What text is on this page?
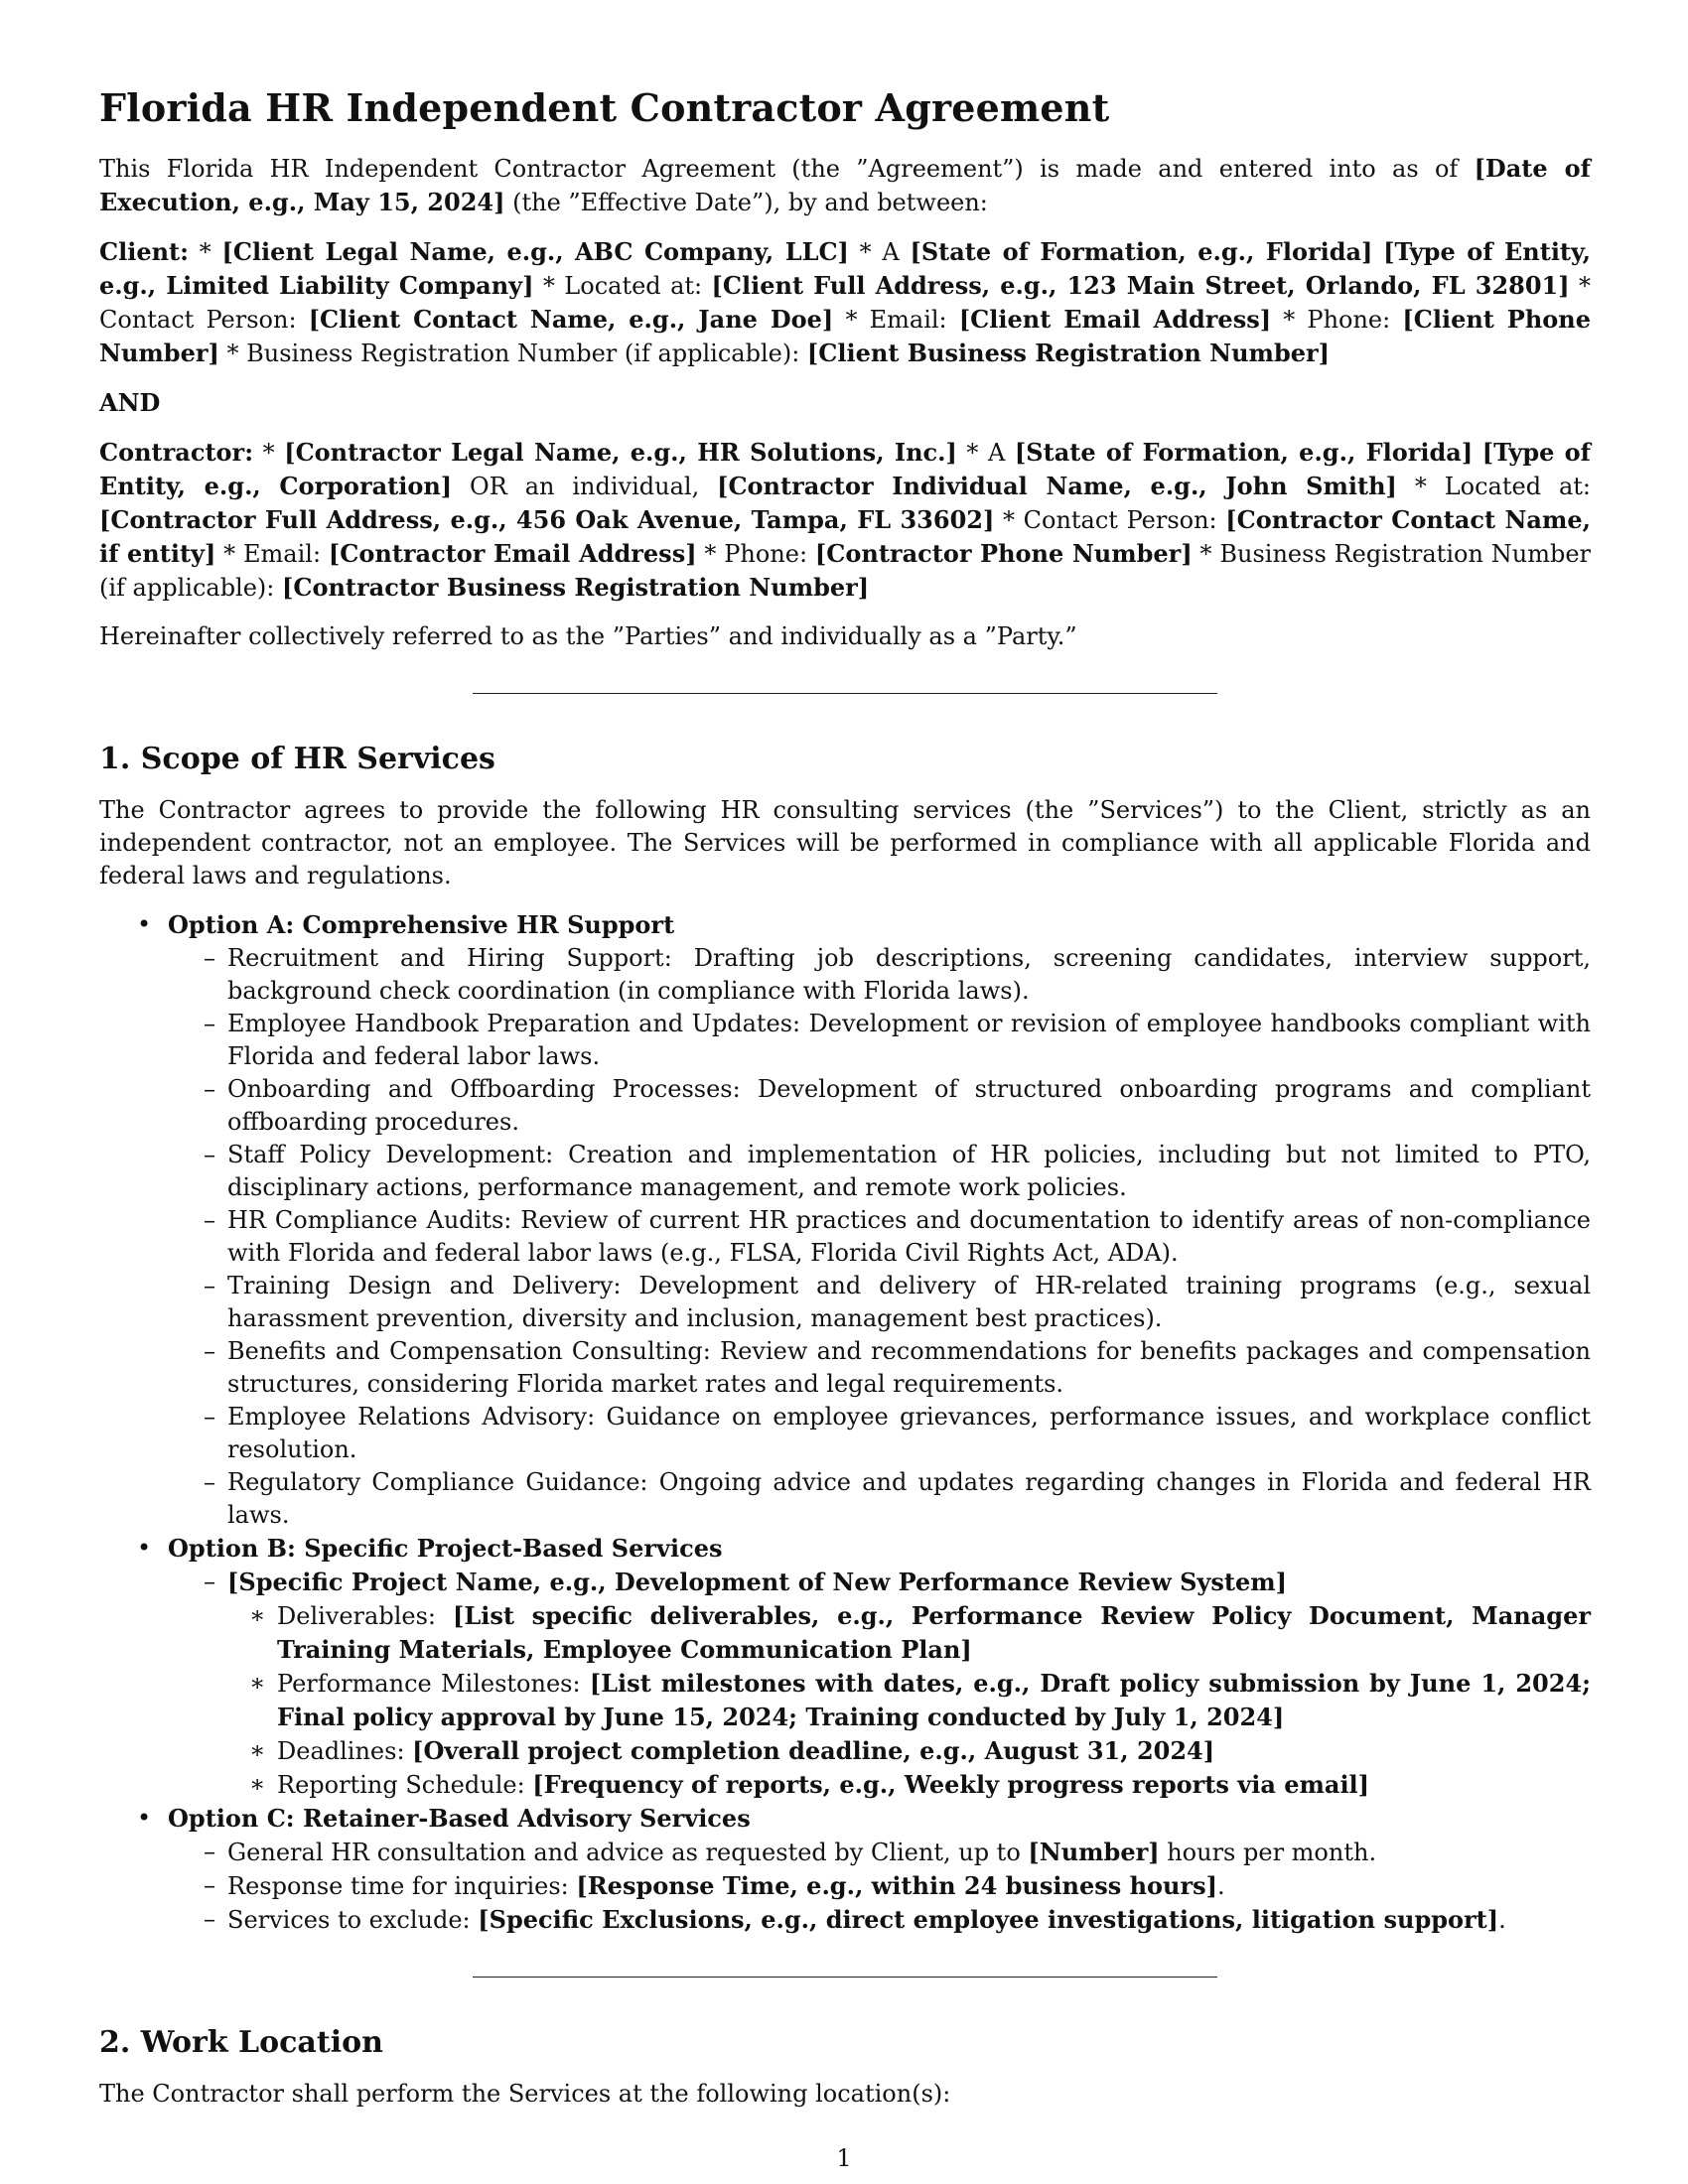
Florida HR Independent Contractor Agreement

This Florida HR Independent Contractor Agreement (the ”Agreement”) is made and entered into as of [Date of Execution, e.g., May 15, 2024] (the ”Effective Date”), by and between:

Client: * [Client Legal Name, e.g., ABC Company, LLC] * A [State of Formation, e.g., Florida] [Type of Entity, e.g., Limited Liability Company] * Located at: [Client Full Address, e.g., 123 Main Street, Orlando, FL 32801] * Contact Person: [Client Contact Name, e.g., Jane Doe] * Email: [Client Email Address] * Phone: [Client Phone Number] * Business Registration Number (if applicable): [Client Business Registration Number]

AND

Contractor: * [Contractor Legal Name, e.g., HR Solutions, Inc.] * A [State of Formation, e.g., Florida] [Type of Entity, e.g., Corporation] OR an individual, [Contractor Individual Name, e.g., John Smith] * Located at: [Contractor Full Address, e.g., 456 Oak Avenue, Tampa, FL 33602] * Contact Person: [Contractor Contact Name, if entity] * Email: [Contractor Email Address] * Phone: [Contractor Phone Number] * Business Registration Number (if applicable): [Contractor Business Registration Number]

Hereinafter collectively referred to as the ”Parties” and individually as a ”Party.”

1. Scope of HR Services

The Contractor agrees to provide the following HR consulting services (the ”Services”) to the Client, strictly as an independent contractor, not an employee. The Services will be performed in compliance with all applicable Florida and federal laws and regulations.

• Option A: Comprehensive HR Support
– Recruitment and Hiring Support: Drafting job descriptions, screening candidates, interview support, background check coordination (in compliance with Florida laws).
– Employee Handbook Preparation and Updates: Development or revision of employee handbooks compliant with Florida and federal labor laws.
– Onboarding and Offboarding Processes: Development of structured onboarding programs and compliant offboarding procedures.
– Staff Policy Development: Creation and implementation of HR policies, including but not limited to PTO, disciplinary actions, performance management, and remote work policies.
– HR Compliance Audits: Review of current HR practices and documentation to identify areas of non-compliance with Florida and federal labor laws (e.g., FLSA, Florida Civil Rights Act, ADA).
– Training Design and Delivery: Development and delivery of HR-related training programs (e.g., sexual harassment prevention, diversity and inclusion, management best practices).
– Benefits and Compensation Consulting: Review and recommendations for benefits packages and compensation structures, considering Florida market rates and legal requirements.
– Employee Relations Advisory: Guidance on employee grievances, performance issues, and workplace conflict resolution.
– Regulatory Compliance Guidance: Ongoing advice and updates regarding changes in Florida and federal HR laws.
• Option B: Specific Project-Based Services
– [Specific Project Name, e.g., Development of New Performance Review System]
∗ Deliverables: [List specific deliverables, e.g., Performance Review Policy Document, Manager Training Materials, Employee Communication Plan]
∗ Performance Milestones: [List milestones with dates, e.g., Draft policy submission by June 1, 2024; Final policy approval by June 15, 2024; Training conducted by July 1, 2024]
∗ Deadlines: [Overall project completion deadline, e.g., August 31, 2024]
∗ Reporting Schedule: [Frequency of reports, e.g., Weekly progress reports via email]
• Option C: Retainer-Based Advisory Services
– General HR consultation and advice as requested by Client, up to [Number] hours per month.
– Response time for inquiries: [Response Time, e.g., within 24 business hours].
– Services to exclude: [Specific Exclusions, e.g., direct employee investigations, litigation support].
2. Work Location

The Contractor shall perform the Services at the following location(s):

1
